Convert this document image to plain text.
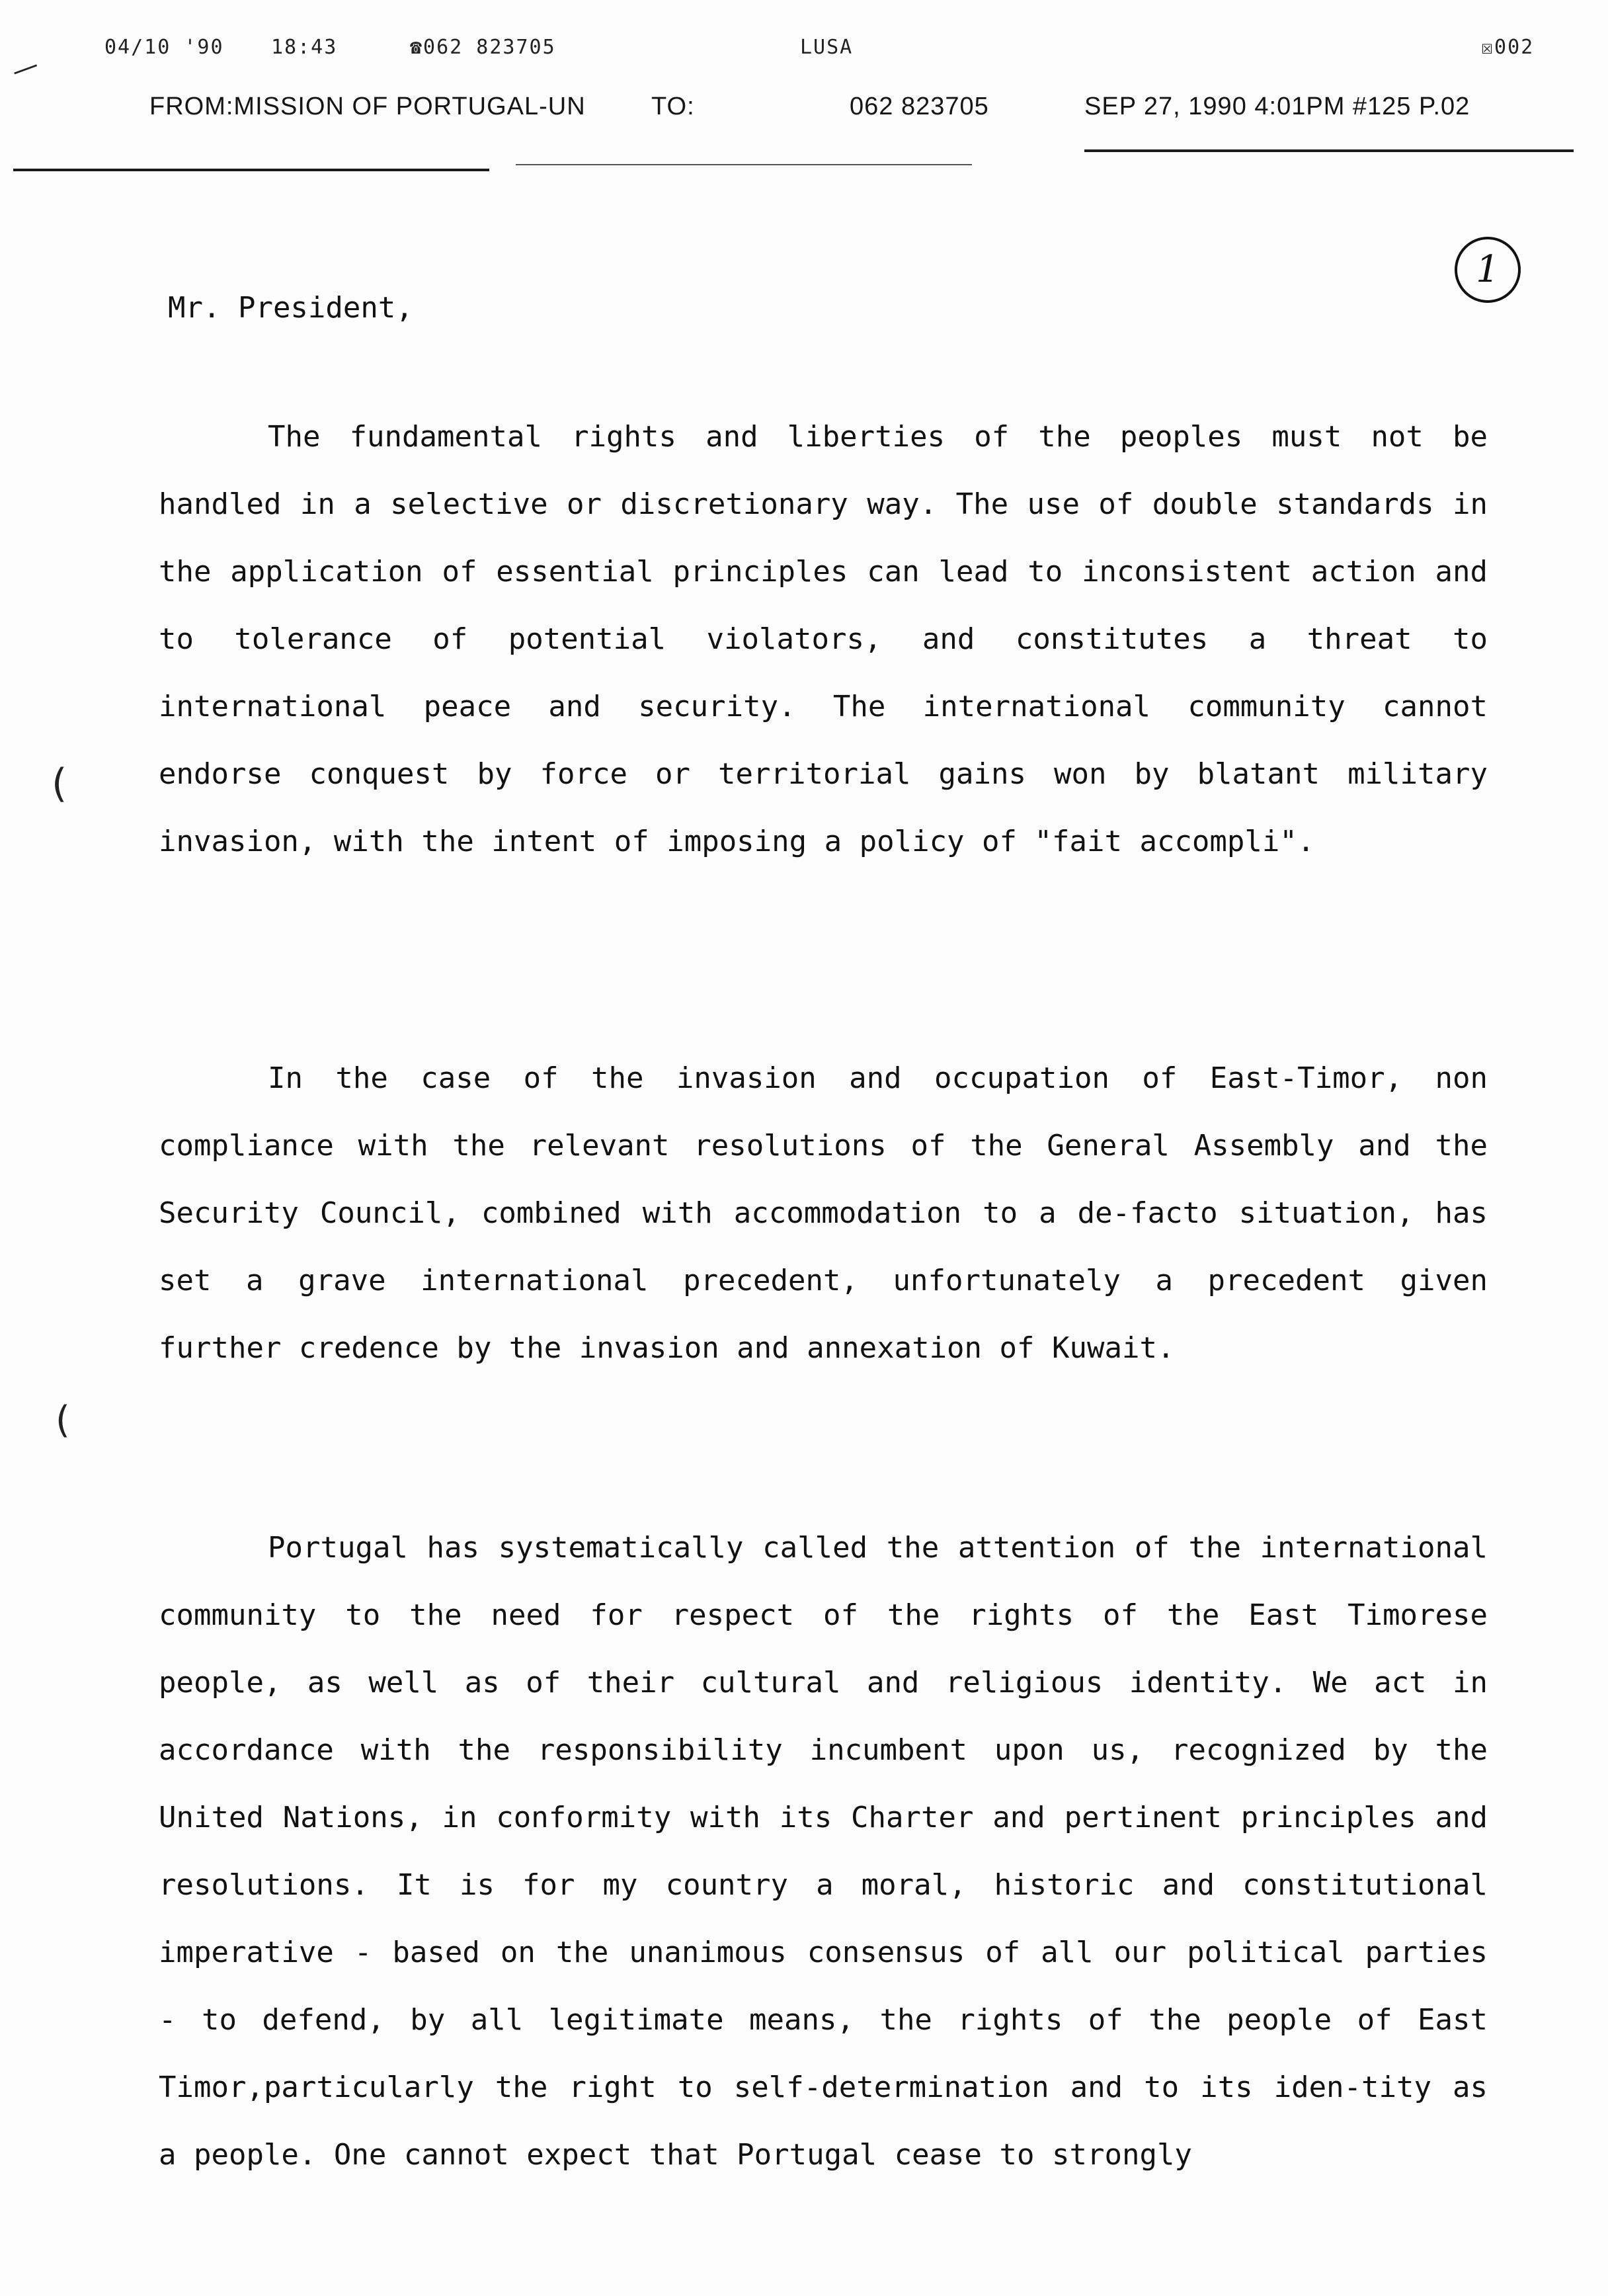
—
04/10 '90 18:43	☎062 823705	LUSA	☒002
FROM:MISSION OF PORTUGAL-UN	TO:	062 823705	SEP 27, 1990 4:01PM #125 P.02
1
Mr. President,

The fundamental rights and liberties of the peoples must not be handled in a selective or discretionary way. The use of double standards in the application of essential principles can lead to inconsistent action and to tolerance of potential violators, and constitutes a threat to international peace and security. The international community cannot endorse conquest by force or territorial gains won by blatant military invasion, with the intent of imposing a policy of "fait accompli".

In the case of the invasion and occupation of East-Timor, non compliance with the relevant resolutions of the General Assembly and the Security Council, combined with accommodation to a de-facto situation, has set a grave international precedent, unfortunately a precedent given further credence by the invasion and annexation of Kuwait.

Portugal has systematically called the attention of the international community to the need for respect of the rights of the East Timorese people, as well as of their cultural and religious identity. We act in accordance with the responsibility incumbent upon us, recognized by the United Nations, in conformity with its Charter and pertinent principles and resolutions. It is for my country a moral, historic and constitutional imperative - based on the unanimous consensus of all our political parties - to defend, by all legitimate means, the rights of the people of East Timor,particularly the right to self-determination and to its iden-tity as a people. One cannot expect that Portugal cease to strongly

(
(
